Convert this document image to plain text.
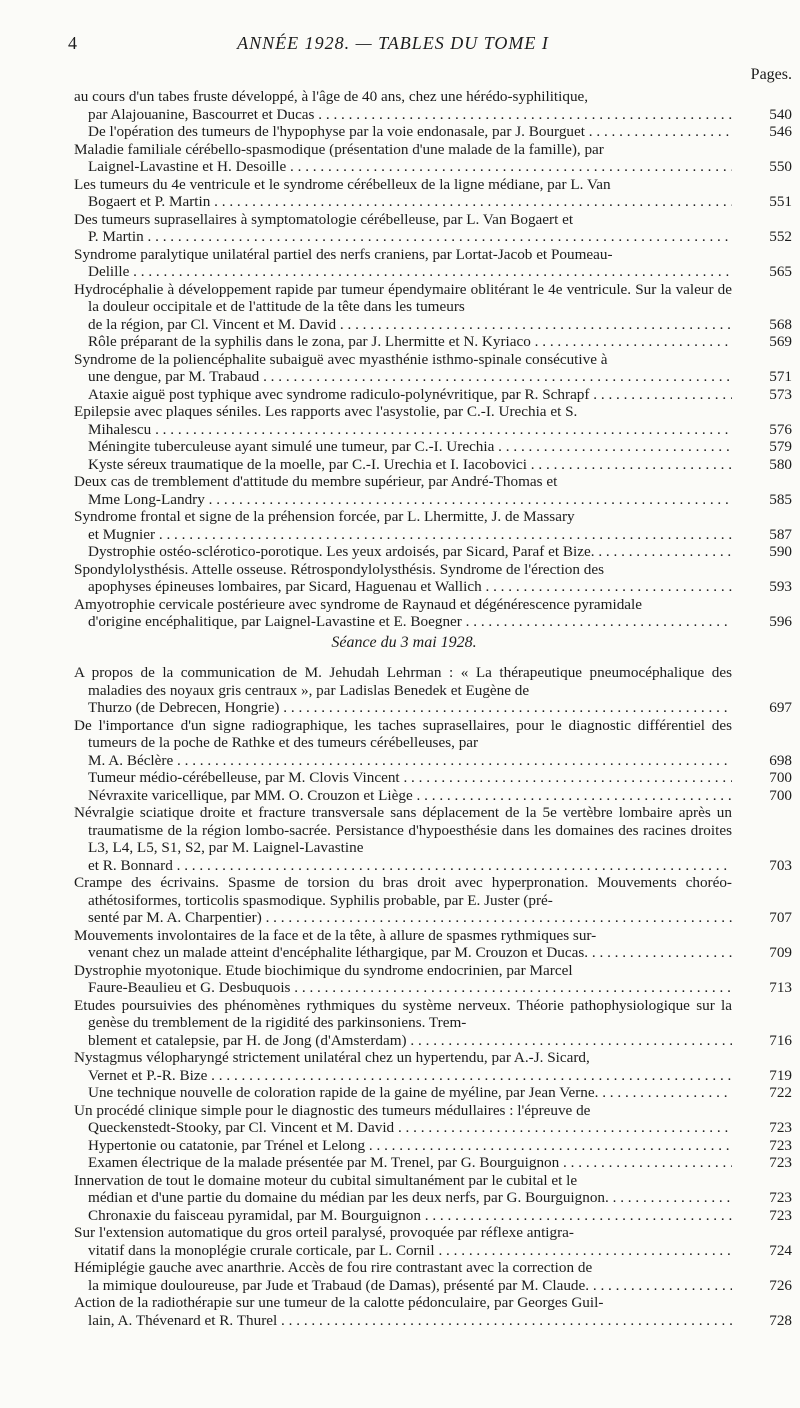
4	ANNÉE 1928. — TABLES DU TOME I
Pages.
au cours d'un tabes fruste développé, à l'âge de 40 ans, chez une hérédo-syphilitique,
par Alajouanine, Bascourret et Ducas . . .	540
De l'opération des tumeurs de l'hypophyse par la voie endonasale, par J. Bourguet . . .	546
Maladie familiale cérébello-spasmodique (présentation d'une malade de la famille), par
Laignel-Lavastine et H. Desoille . . .	550
Les tumeurs du 4e ventricule et le syndrome cérébelleux de la ligne médiane, par L. Van
Bogaert et P. Martin . . .	551
Des tumeurs suprasellaires à symptomatologie cérébelleuse, par L. Van Bogaert et
P. Martin . . .	552
Syndrome paralytique unilatéral partiel des nerfs craniens, par Lortat-Jacob et Poumeau-
Delille . . .	565
Hydrocéphalie à développement rapide par tumeur épendymaire oblitérant le 4e ventricule. Sur la valeur de la douleur occipitale et de l'attitude de la tête dans les tumeurs
de la région, par Cl. Vincent et M. David . . .	568
Rôle préparant de la syphilis dans le zona, par J. Lhermitte et N. Kyriaco . . .	569
Syndrome de la poliencéphalite subaiguë avec myasthénie isthmo-spinale consécutive à
une dengue, par M. Trabaud . . .	571
Ataxie aiguë post typhique avec syndrome radiculo-polynévritique, par R. Schrapf . . .	573
Epilepsie avec plaques séniles. Les rapports avec l'asystolie, par C.-I. Urechia et S.
Mihalescu . . .	576
Méningite tuberculeuse ayant simulé une tumeur, par C.-I. Urechia . . .	579
Kyste séreux traumatique de la moelle, par C.-I. Urechia et I. Iacobovici . . .	580
Deux cas de tremblement d'attitude du membre supérieur, par André-Thomas et
Mme Long-Landry . . .	585
Syndrome frontal et signe de la préhension forcée, par L. Lhermitte, J. de Massary
et Mugnier . . .	587
Dystrophie ostéo-sclérotico-porotique. Les yeux ardoisés, par Sicard, Paraf et Bize. . . .	590
Spondylolysthésis. Attelle osseuse. Rétrospondylolysthésis. Syndrome de l'érection des
apophyses épineuses lombaires, par Sicard, Haguenau et Wallich . . .	593
Amyotrophie cervicale postérieure avec syndrome de Raynaud et dégénérescence pyramidale
d'origine encéphalitique, par Laignel-Lavastine et E. Boegner . . .	596
Séance du 3 mai 1928.
A propos de la communication de M. Jehudah Lehrman : « La thérapeutique pneumocéphalique des maladies des noyaux gris centraux », par Ladislas Benedek et Eugène de
Thurzo (de Debrecen, Hongrie) . . .	697
De l'importance d'un signe radiographique, les taches suprasellaires, pour le diagnostic différentiel des tumeurs de la poche de Rathke et des tumeurs cérébelleuses, par
M. A. Béclère . . .	698
Tumeur médio-cérébelleuse, par M. Clovis Vincent . . .	700
Névraxite varicellique, par MM. O. Crouzon et Liège . . .	700
Névralgie sciatique droite et fracture transversale sans déplacement de la 5e vertèbre lombaire après un traumatisme de la région lombo-sacrée. Persistance d'hypoesthésie dans les domaines des racines droites L3, L4, L5, S1, S2, par M. Laignel-Lavastine
et R. Bonnard . . .	703
Crampe des écrivains. Spasme de torsion du bras droit avec hyperpronation. Mouvements choréo-athétosiformes, torticolis spasmodique. Syphilis probable, par E. Juster (pré-
senté par M. A. Charpentier) . . .	707
Mouvements involontaires de la face et de la tête, à allure de spasmes rythmiques sur-
venant chez un malade atteint d'encéphalite léthargique, par M. Crouzon et Ducas. . . .	709
Dystrophie myotonique. Etude biochimique du syndrome endocrinien, par Marcel
Faure-Beaulieu et G. Desbuquois . . .	713
Etudes poursuivies des phénomènes rythmiques du système nerveux. Théorie pathophysiologique sur la genèse du tremblement de la rigidité des parkinsoniens. Trem-
blement et catalepsie, par H. de Jong (d'Amsterdam) . . .	716
Nystagmus vélopharyngé strictement unilatéral chez un hypertendu, par A.-J. Sicard,
Vernet et P.-R. Bize . . .	719
Une technique nouvelle de coloration rapide de la gaine de myéline, par Jean Verne. . . .	722
Un procédé clinique simple pour le diagnostic des tumeurs médullaires : l'épreuve de
Queckenstedt-Stooky, par Cl. Vincent et M. David . . .	723
Hypertonie ou catatonie, par Trénel et Lelong . . .	723
Examen électrique de la malade présentée par M. Trenel, par G. Bourguignon . . .	723
Innervation de tout le domaine moteur du cubital simultanément par le cubital et le
médian et d'une partie du domaine du médian par les deux nerfs, par G. Bourguignon. . . .	723
Chronaxie du faisceau pyramidal, par M. Bourguignon . . .	723
Sur l'extension automatique du gros orteil paralysé, provoquée par réflexe antigra-
vitatif dans la monoplégie crurale corticale, par L. Cornil . . .	724
Hémiplégie gauche avec anarthrie. Accès de fou rire contrastant avec la correction de
la mimique douloureuse, par Jude et Trabaud (de Damas), présenté par M. Claude. . . .	726
Action de la radiothérapie sur une tumeur de la calotte pédonculaire, par Georges Guil-
lain, A. Thévenard et R. Thurel . . .	728
